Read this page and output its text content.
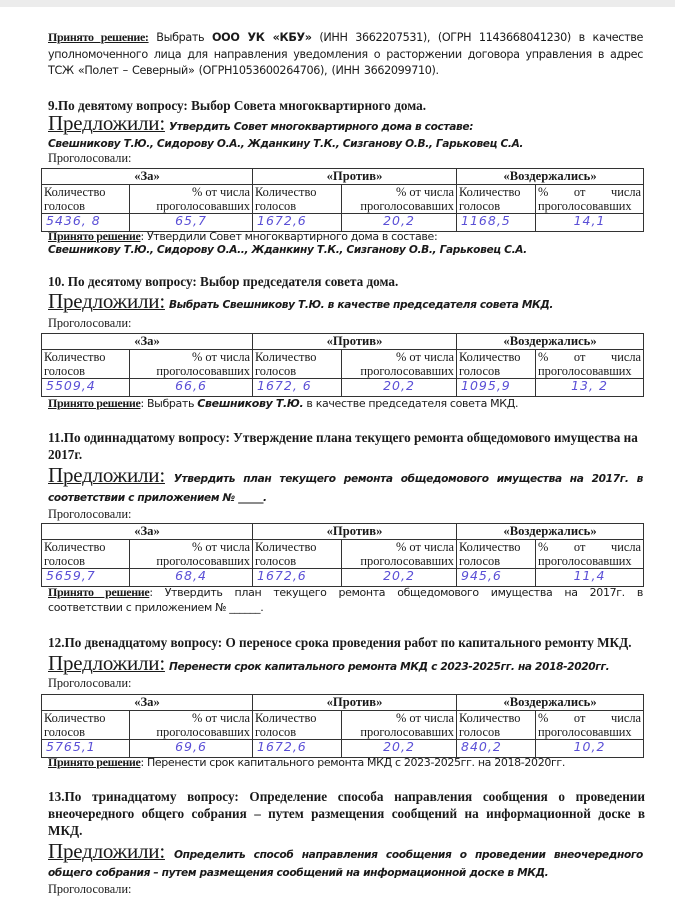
Принято решение: Выбрать ООО УК «КБУ» (ИНН 3662207531), (ОГРН 1143668041230) в качестве
уполномоченного лица для направления уведомления о расторжении договора управления в адрес
ТСЖ «Полет – Северный» (ОГРН1053600264706), (ИНН 3662099710).
9.По девятому вопросу: Выбор Совета многоквартирного дома.
Предложили: Утвердить Совет многоквартирного дома в составе:
Свешникову Т.Ю., Сидорову О.А., Жданкину Т.К., Сизганову О.В., Гарьковец С.А.
Проголосовали:
«За»		«Против»		«Воздержались»	
Количество голосов	% от числа проголосовавших	Количество голосов	% от числа проголосовавших	Количество голосов	% от числа проголосовавших
5436, 8	65,7	1672,6	20,2	1168,5	14,1
Принято решение: Утвердили Совет многоквартирного дома в составе:
Свешникову Т.Ю., Сидорову О.А.., Жданкину Т.К., Сизганову О.В., Гарьковец С.А.
10. По десятому вопросу: Выбор председателя совета дома.
Предложили: Выбрать Свешникову Т.Ю. в качестве председателя совета МКД.
Проголосовали:
«За»		«Против»		«Воздержались»	
Количество голосов	% от числа проголосовавших	Количество голосов	% от числа проголосовавших	Количество голосов	% от числа проголосовавших
5509,4	66,6	1672, 6	20,2	1095,9	13, 2
Принято решение: Выбрать Свешникову Т.Ю. в качестве председателя совета МКД.
11.По одиннадцатому вопросу: Утверждение плана текущего ремонта общедомового имущества на
2017г.
Предложили: Утвердить план текущего ремонта общедомового имущества на 2017г. в
соответствии с приложением № _____.
Проголосовали:
«За»		«Против»		«Воздержались»	
Количество голосов	% от числа проголосовавших	Количество голосов	% от числа проголосовавших	Количество голосов	% от числа проголосовавших
5659,7	68,4	1672,6	20,2	945,6	11,4
Принято решение: Утвердить план текущего ремонта общедомового имущества на 2017г. в
соответствии с приложением № ______.
12.По двенадцатому вопросу: О переносе срока проведения работ по капитального ремонту МКД.
Предложили: Перенести срок капитального ремонта МКД с 2023-2025гг. на 2018-2020гг.
Проголосовали:
«За»		«Против»		«Воздержались»	
Количество голосов	% от числа проголосовавших	Количество голосов	% от числа проголосовавших	Количество голосов	% от числа проголосовавших
5765,1	69,6	1672,6	20,2	840,2	10,2
Принято решение: Перенести срок капитального ремонта МКД с 2023-2025гг. на 2018-2020гг.
13.По тринадцатому вопросу: Определение способа направления сообщения о проведении
внеочередного общего собрания – путем размещения сообщений на информационной доске в
МКД.
Предложили: Определить способ направления сообщения о проведении внеочередного
общего собрания – путем размещения сообщений на информационной доске в МКД.
Проголосовали:
